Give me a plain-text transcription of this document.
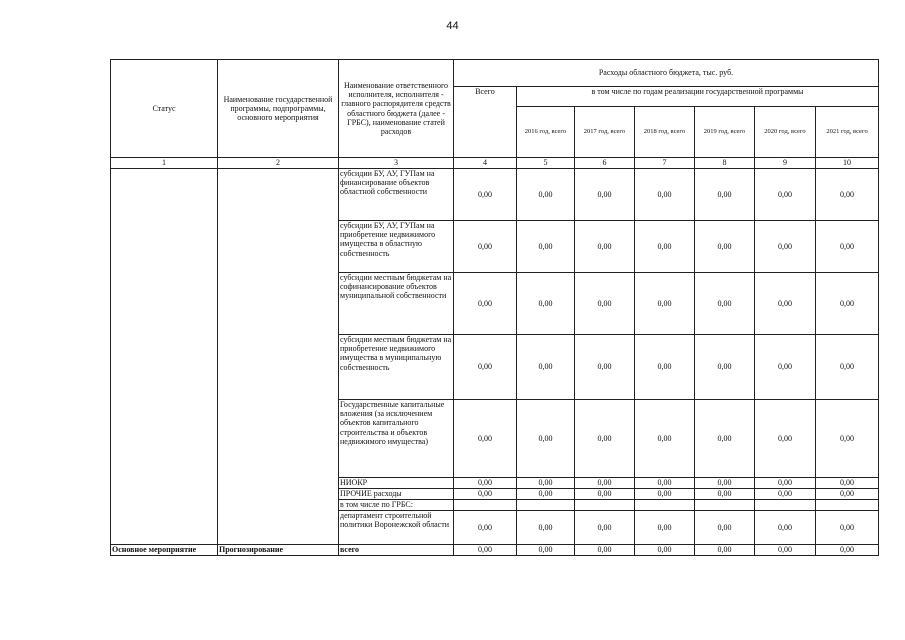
44
Статус	Наименование государственной программы, подпрограммы, основного мероприятия	Наименование ответственного исполнителя, исполнителя - главного распорядителя средств областного бюджета (далее - ГРБС), наименование статей расходов	Расходы областного бюджета, тыс. руб.						
			Всего	в том числе по годам реализации государственной программы					
				2016 год, всего	2017 год, всего	2018 год, всего	2019 год, всего	2020 год, всего	2021 год, всего
1	2	3	4	5	6	7	8	9	10
		субсидии БУ, АУ, ГУПам на финансирование объектов областной собственности	0,00	0,00	0,00	0,00	0,00	0,00	0,00
		субсидии БУ, АУ, ГУПам на приобретение недвижимого имущества в областную собственность	0,00	0,00	0,00	0,00	0,00	0,00	0,00
		субсидии местным бюджетам на софинансирование объектов муниципальной собственности	0,00	0,00	0,00	0,00	0,00	0,00	0,00
		субсидии местным бюджетам на приобретение недвижимого имущества в муниципальную собственность	0,00	0,00	0,00	0,00	0,00	0,00	0,00
		Государственные капитальные вложения (за исключением объектов капитального строительства и объектов недвижимого имущества)	0,00	0,00	0,00	0,00	0,00	0,00	0,00
		НИОКР	0,00	0,00	0,00	0,00	0,00	0,00	0,00
		ПРОЧИЕ расходы	0,00	0,00	0,00	0,00	0,00	0,00	0,00
		в том числе по ГРБС:							
		департамент строительной политики Воронежской области	0,00	0,00	0,00	0,00	0,00	0,00	0,00
Основное мероприятие	Прогнозирование	всего	0,00	0,00	0,00	0,00	0,00	0,00	0,00
